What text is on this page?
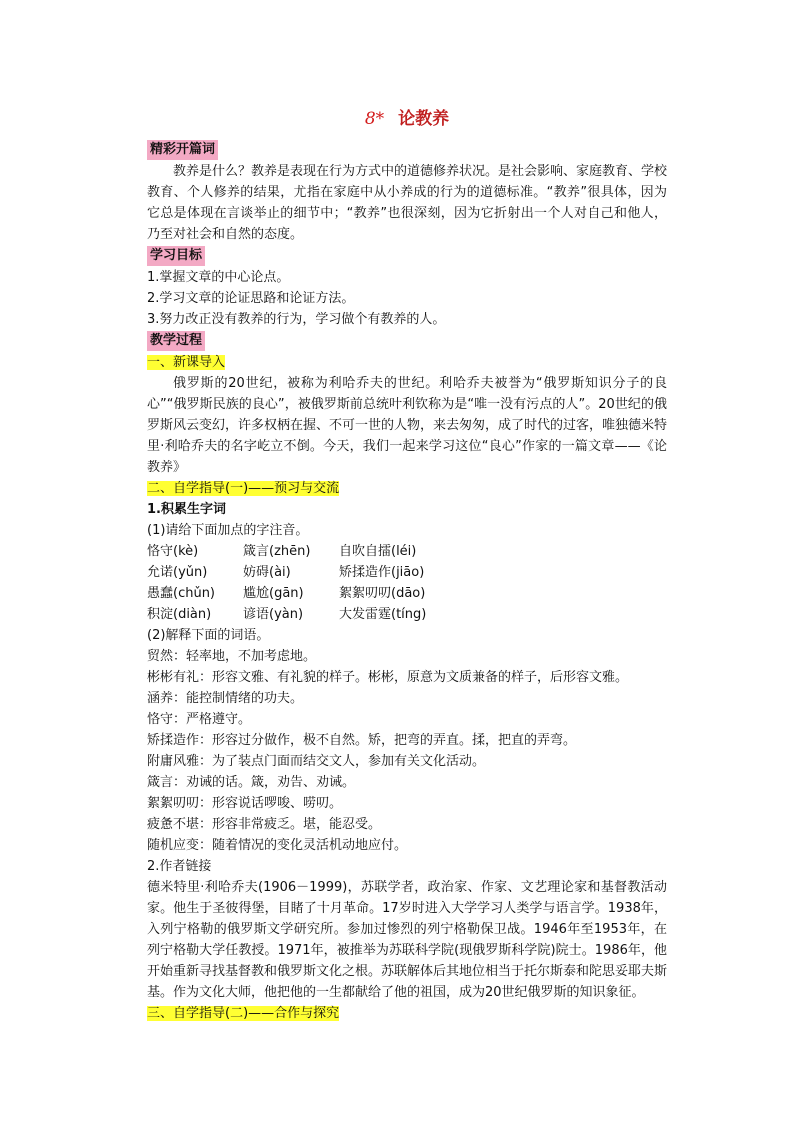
8* 论教养
精彩开篇词
教养是什么？教养是表现在行为方式中的道德修养状况。是社会影响、家庭教育、学校教育、个人修养的结果，尤指在家庭中从小养成的行为的道德标准。“教养”很具体，因为它总是体现在言谈举止的细节中；“教养”也很深刻，因为它折射出一个人对自己和他人，乃至对社会和自然的态度。
学习目标
1.掌握文章的中心论点。
2.学习文章的论证思路和论证方法。
3.努力改正没有教养的行为，学习做个有教养的人。
教学过程
一、新课导入
俄罗斯的20世纪，被称为利哈乔夫的世纪。利哈乔夫被誉为“俄罗斯知识分子的良心”“俄罗斯民族的良心”，被俄罗斯前总统叶利钦称为是“唯一没有污点的人”。20世纪的俄罗斯风云变幻，许多权柄在握、不可一世的人物，来去匆匆，成了时代的过客，唯独德米特里·利哈乔夫的名字屹立不倒。今天，我们一起来学习这位“良心”作家的一篇文章——《论教养》
二、自学指导(一)——预习与交流
1.积累生字词
(1)请给下面加点的字注音。
恪守(kè)	箴言(zhēn)	自吹自擂(léi)
允诺(yǔn)	妨碍(ài)	矫揉造作(jiāo)
愚蠢(chǔn)	尴尬(gān)	絮絮叨叨(dāo)
积淀(diàn)	谚语(yàn)	大发雷霆(tíng)
(2)解释下面的词语。
贸然：轻率地，不加考虑地。
彬彬有礼：形容文雅、有礼貌的样子。彬彬，原意为文质兼备的样子，后形容文雅。
涵养：能控制情绪的功夫。
恪守：严格遵守。
矫揉造作：形容过分做作，极不自然。矫，把弯的弄直。揉，把直的弄弯。
附庸风雅：为了装点门面而结交文人，参加有关文化活动。
箴言：劝诫的话。箴，劝告、劝诫。
絮絮叨叨：形容说话啰唆、唠叨。
疲惫不堪：形容非常疲乏。堪，能忍受。
随机应变：随着情况的变化灵活机动地应付。
2.作者链接
德米特里·利哈乔夫(1906－1999)，苏联学者，政治家、作家、文艺理论家和基督教活动家。他生于圣彼得堡，目睹了十月革命。17岁时进入大学学习人类学与语言学。1938年，入列宁格勒的俄罗斯文学研究所。参加过惨烈的列宁格勒保卫战。1946年至1953年，在列宁格勒大学任教授。1971年，被推举为苏联科学院(现俄罗斯科学院)院士。1986年，他开始重新寻找基督教和俄罗斯文化之根。苏联解体后其地位相当于托尔斯泰和陀思妥耶夫斯基。作为文化大师，他把他的一生都献给了他的祖国，成为20世纪俄罗斯的知识象征。
三、自学指导(二)——合作与探究
